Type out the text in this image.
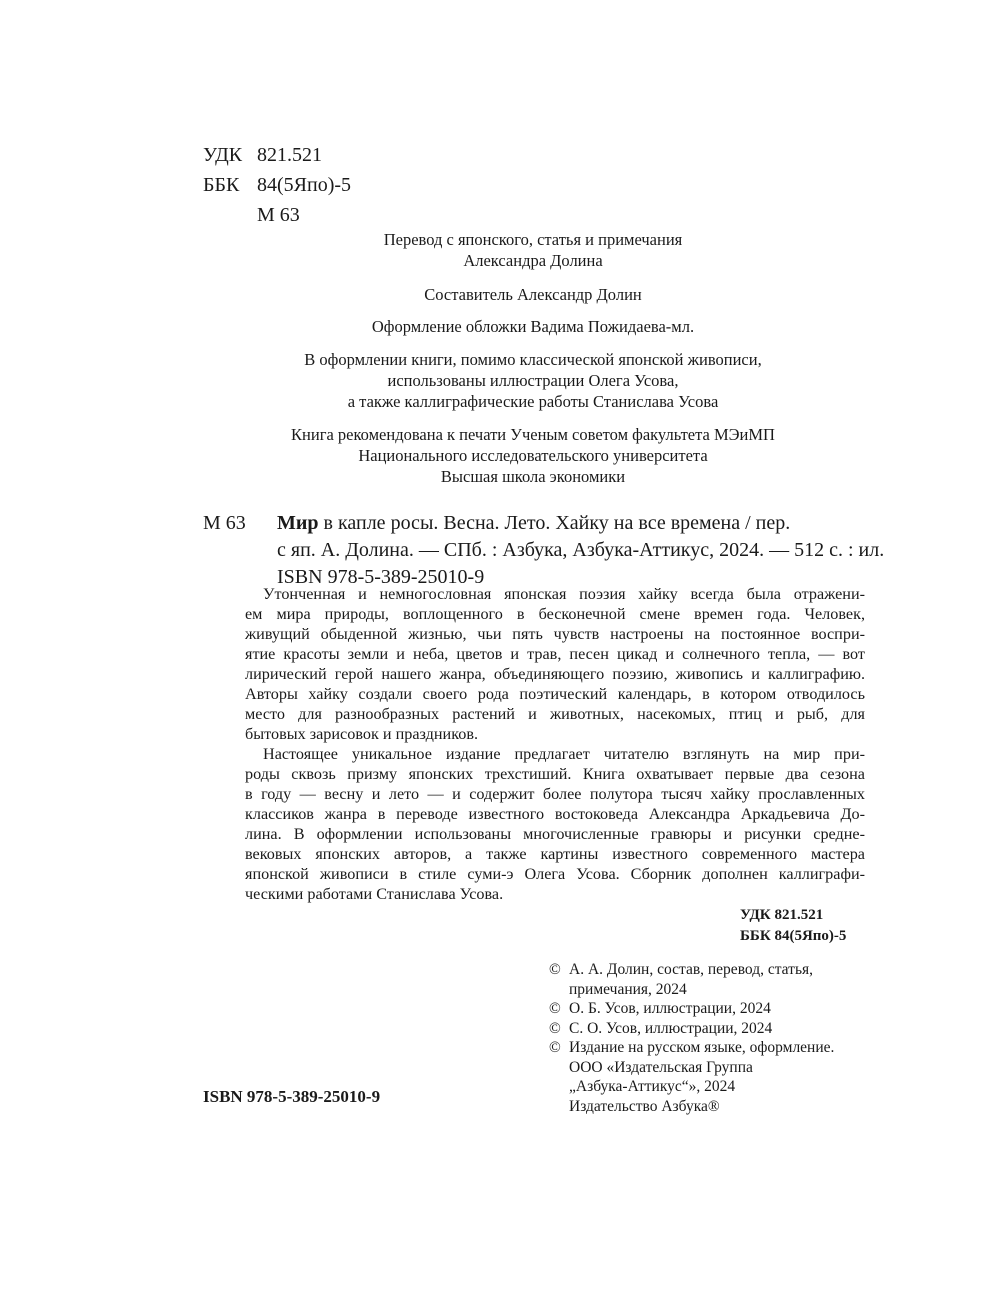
УДК 821.521
ББК 84(5Япо)-5
М 63
Перевод с японского, статья и примечания
Александра Долина
Составитель Александр Долин
Оформление обложки Вадима Пожидаева-мл.
В оформлении книги, помимо классической японской живописи,
использованы иллюстрации Олега Усова,
а также каллиграфические работы Станислава Усова
Книга рекомендована к печати Ученым советом факультета МЭиМП
Национального исследовательского университета
Высшая школа экономики
М 63 Мир в капле росы. Весна. Лето. Хайку на все времена / пер.
с яп. А. Долина. — СПб. : Азбука, Азбука-Аттикус, 2024. — 512 с. : ил.
ISBN 978-5-389-25010-9
Утонченная и немногословная японская поэзия хайку всегда была отражени-
ем мира природы, воплощенного в бесконечной смене времен года. Человек,
живущий обыденной жизнью, чьи пять чувств настроены на постоянное воспри-
ятие красоты земли и неба, цветов и трав, песен цикад и солнечного тепла, — вот
лирический герой нашего жанра, объединяющего поэзию, живопись и каллиграфию.
Авторы хайку создали своего рода поэтический календарь, в котором отводилось
место для разнообразных растений и животных, насекомых, птиц и рыб, для
бытовых зарисовок и праздников.
Настоящее уникальное издание предлагает читателю взглянуть на мир при-
роды сквозь призму японских трехстиший. Книга охватывает первые два сезона
в году — весну и лето — и содержит более полутора тысяч хайку прославленных
классиков жанра в переводе известного востоковеда Александра Аркадьевича До-
лина. В оформлении использованы многочисленные гравюры и рисунки средне-
вековых японских авторов, а также картины известного современного мастера
японской живописи в стиле суми-э Олега Усова. Сборник дополнен каллиграфи-
ческими работами Станислава Усова.
УДК 821.521
ББК 84(5Япо)-5
© А. А. Долин, состав, перевод, статья,
примечания, 2024
© О. Б. Усов, иллюстрации, 2024
© С. О. Усов, иллюстрации, 2024
© Издание на русском языке, оформление.
ООО «Издательская Группа
„Азбука-Аттикус“», 2024
Издательство Азбука®
ISBN 978-5-389-25010-9
